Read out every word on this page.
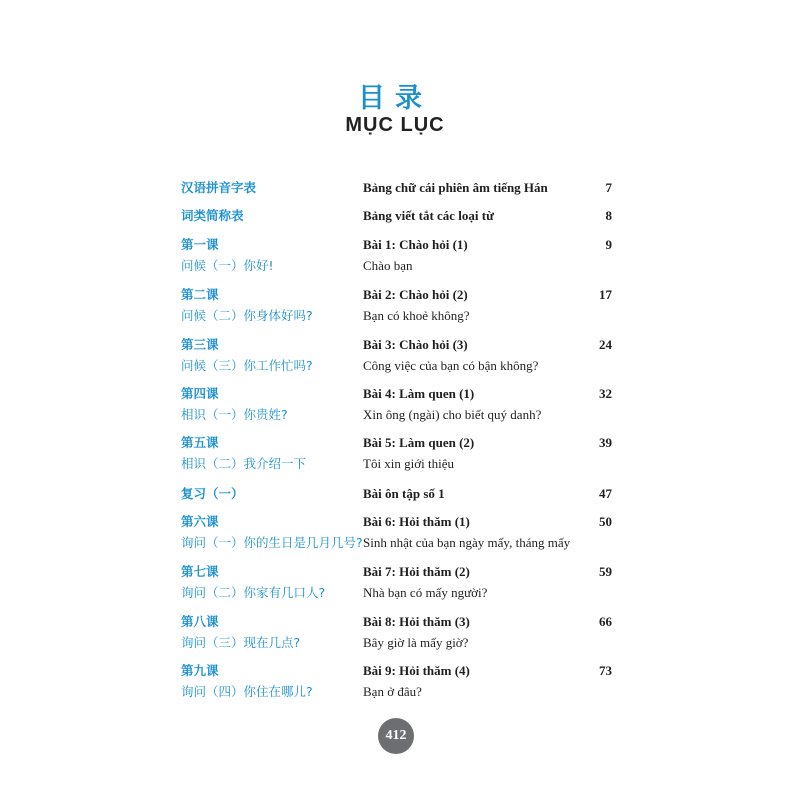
目录
MỤC LỤC
汉语拼音字表	Bảng chữ cái phiên âm tiếng Hán	7
词类简称表	Bảng viết tắt các loại từ	8
第一课	Bài 1: Chào hỏi (1)	9
问候（一）你好!	Chào bạn
第二课	Bài 2: Chào hỏi (2)	17
问候（二）你身体好吗?	Bạn có khoẻ không?
第三课	Bài 3: Chào hỏi (3)	24
问候（三）你工作忙吗?	Công việc của bạn có bận không?
第四课	Bài 4: Làm quen (1)	32
相识（一）你贵姓?	Xin ông (ngài) cho biết quý danh?
第五课	Bài 5: Làm quen (2)	39
相识（二）我介绍一下	Tôi xin giới thiệu
复习（一）	Bài ôn tập số 1	47
第六课	Bài 6: Hỏi thăm (1)	50
询问（一）你的生日是几月几号? Sinh nhật của bạn ngày mấy, tháng mấy
第七课	Bài 7: Hỏi thăm (2)	59
询问（二）你家有几口人?	Nhà bạn có mấy người?
第八课	Bài 8: Hỏi thăm (3)	66
询问（三）现在几点?	Bây giờ là mấy giờ?
第九课	Bài 9: Hỏi thăm (4)	73
询问（四）你住在哪儿?	Bạn ở đâu?
412
